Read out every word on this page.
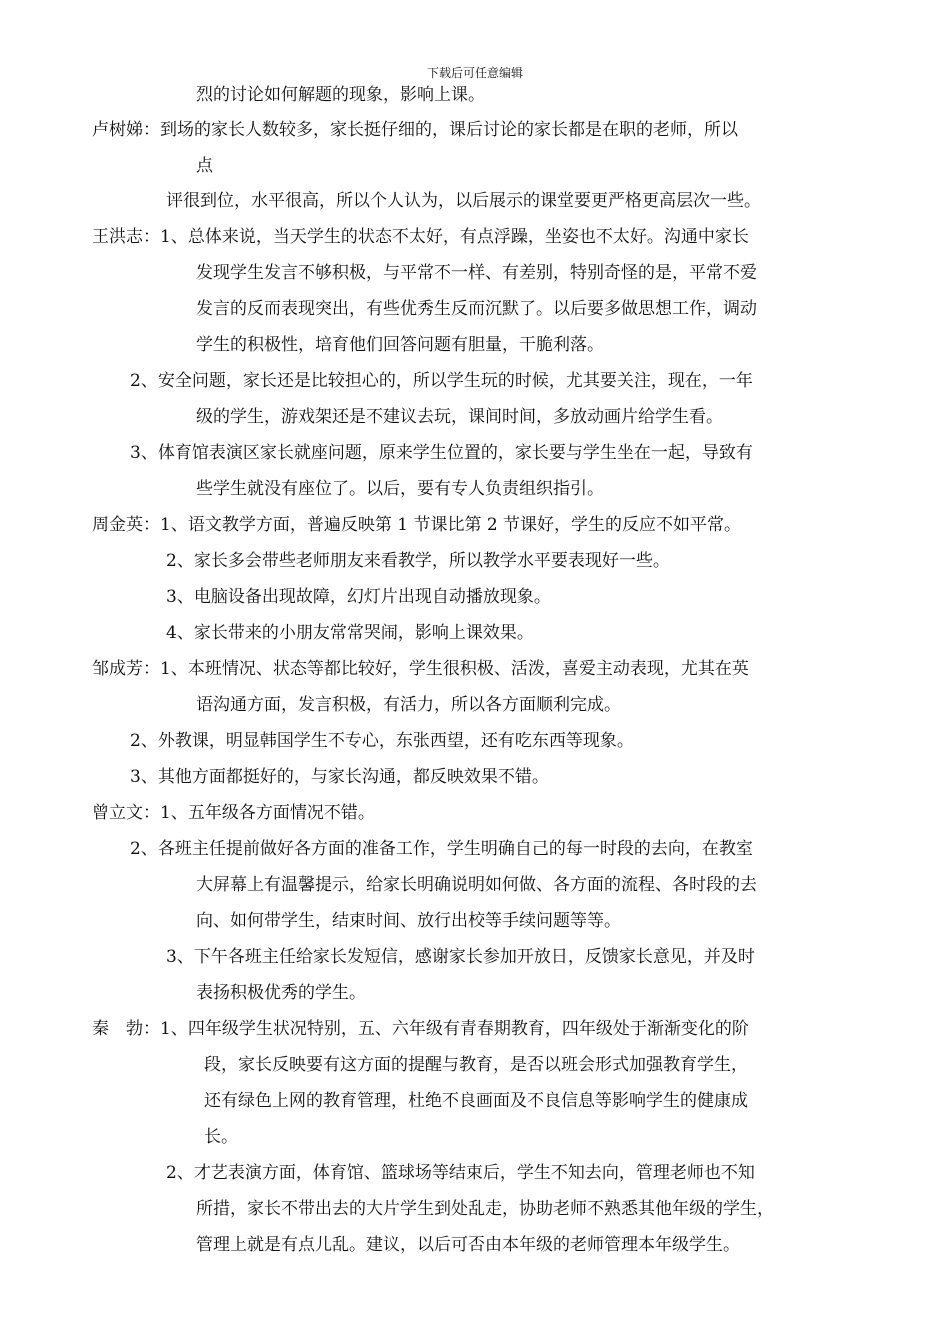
下载后可任意编辑
烈的讨论如何解题的现象，影响上课。
卢树娣：到场的家长人数较多，家长挺仔细的，课后讨论的家长都是在职的老师，所以
点
评很到位，水平很高，所以个人认为，以后展示的课堂要更严格更高层次一些。
王洪志：1、总体来说，当天学生的状态不太好，有点浮躁，坐姿也不太好。沟通中家长
发现学生发言不够积极，与平常不一样、有差别，特别奇怪的是，平常不爱
发言的反而表现突出，有些优秀生反而沉默了。以后要多做思想工作，调动
学生的积极性，培育他们回答问题有胆量，干脆利落。
2、安全问题，家长还是比较担心的，所以学生玩的时候，尤其要关注，现在，一年
级的学生，游戏架还是不建议去玩，课间时间，多放动画片给学生看。
3、体育馆表演区家长就座问题，原来学生位置的，家长要与学生坐在一起，导致有
些学生就没有座位了。以后，要有专人负责组织指引。
周金英：1、语文教学方面，普遍反映第 1 节课比第 2 节课好，学生的反应不如平常。
2、家长多会带些老师朋友来看教学，所以教学水平要表现好一些。
3、电脑设备出现故障，幻灯片出现自动播放现象。
4、家长带来的小朋友常常哭闹，影响上课效果。
邹成芳：1、本班情况、状态等都比较好，学生很积极、活泼，喜爱主动表现，尤其在英
语沟通方面，发言积极，有活力，所以各方面顺利完成。
2、外教课，明显韩国学生不专心，东张西望，还有吃东西等现象。
3、其他方面都挺好的，与家长沟通，都反映效果不错。
曾立文：1、五年级各方面情况不错。
2、各班主任提前做好各方面的准备工作，学生明确自己的每一时段的去向，在教室
大屏幕上有温馨提示，给家长明确说明如何做、各方面的流程、各时段的去
向、如何带学生，结束时间、放行出校等手续问题等等。
3、下午各班主任给家长发短信，感谢家长参加开放日，反馈家长意见，并及时
表扬积极优秀的学生。
秦　勃：1、四年级学生状况特别，五、六年级有青春期教育，四年级处于渐渐变化的阶
段，家长反映要有这方面的提醒与教育，是否以班会形式加强教育学生，
还有绿色上网的教育管理，杜绝不良画面及不良信息等影响学生的健康成
长。
2、才艺表演方面，体育馆、篮球场等结束后，学生不知去向，管理老师也不知
所措，家长不带出去的大片学生到处乱走，协助老师不熟悉其他年级的学生，
管理上就是有点儿乱。建议，以后可否由本年级的老师管理本年级学生。
